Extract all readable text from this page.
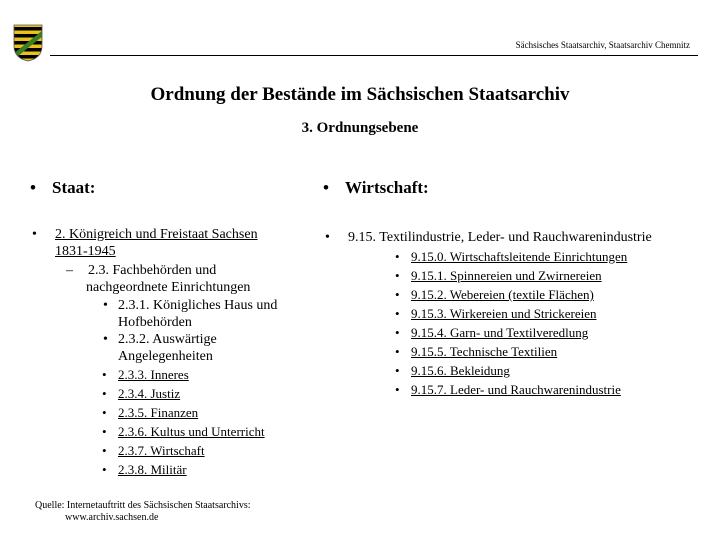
Sächsisches Staatsarchiv, Staatsarchiv Chemnitz
Ordnung der Bestände im Sächsischen Staatsarchiv
3. Ordnungsebene
• Staat:	• Wirtschaft:
• 2. Königreich und Freistaat Sachsen
1831-1945
– 2.3. Fachbehörden und
nachgeordnete Einrichtungen
• 2.3.1. Königliches Haus und
Hofbehörden
• 2.3.2. Auswärtige
Angelegenheiten
• 2.3.3. Inneres
• 2.3.4. Justiz
• 2.3.5. Finanzen
• 2.3.6. Kultus und Unterricht
• 2.3.7. Wirtschaft
• 2.3.8. Militär
• 9.15. Textilindustrie, Leder- und Rauchwarenindustrie
• 9.15.0. Wirtschaftsleitende Einrichtungen
• 9.15.1. Spinnereien und Zwirnereien
• 9.15.2. Webereien (textile Flächen)
• 9.15.3. Wirkereien und Strickereien
• 9.15.4. Garn- und Textilveredlung
• 9.15.5. Technische Textilien
• 9.15.6. Bekleidung
• 9.15.7. Leder- und Rauchwarenindustrie
Quelle: Internetauftritt des Sächsischen Staatsarchivs:
www.archiv.sachsen.de
